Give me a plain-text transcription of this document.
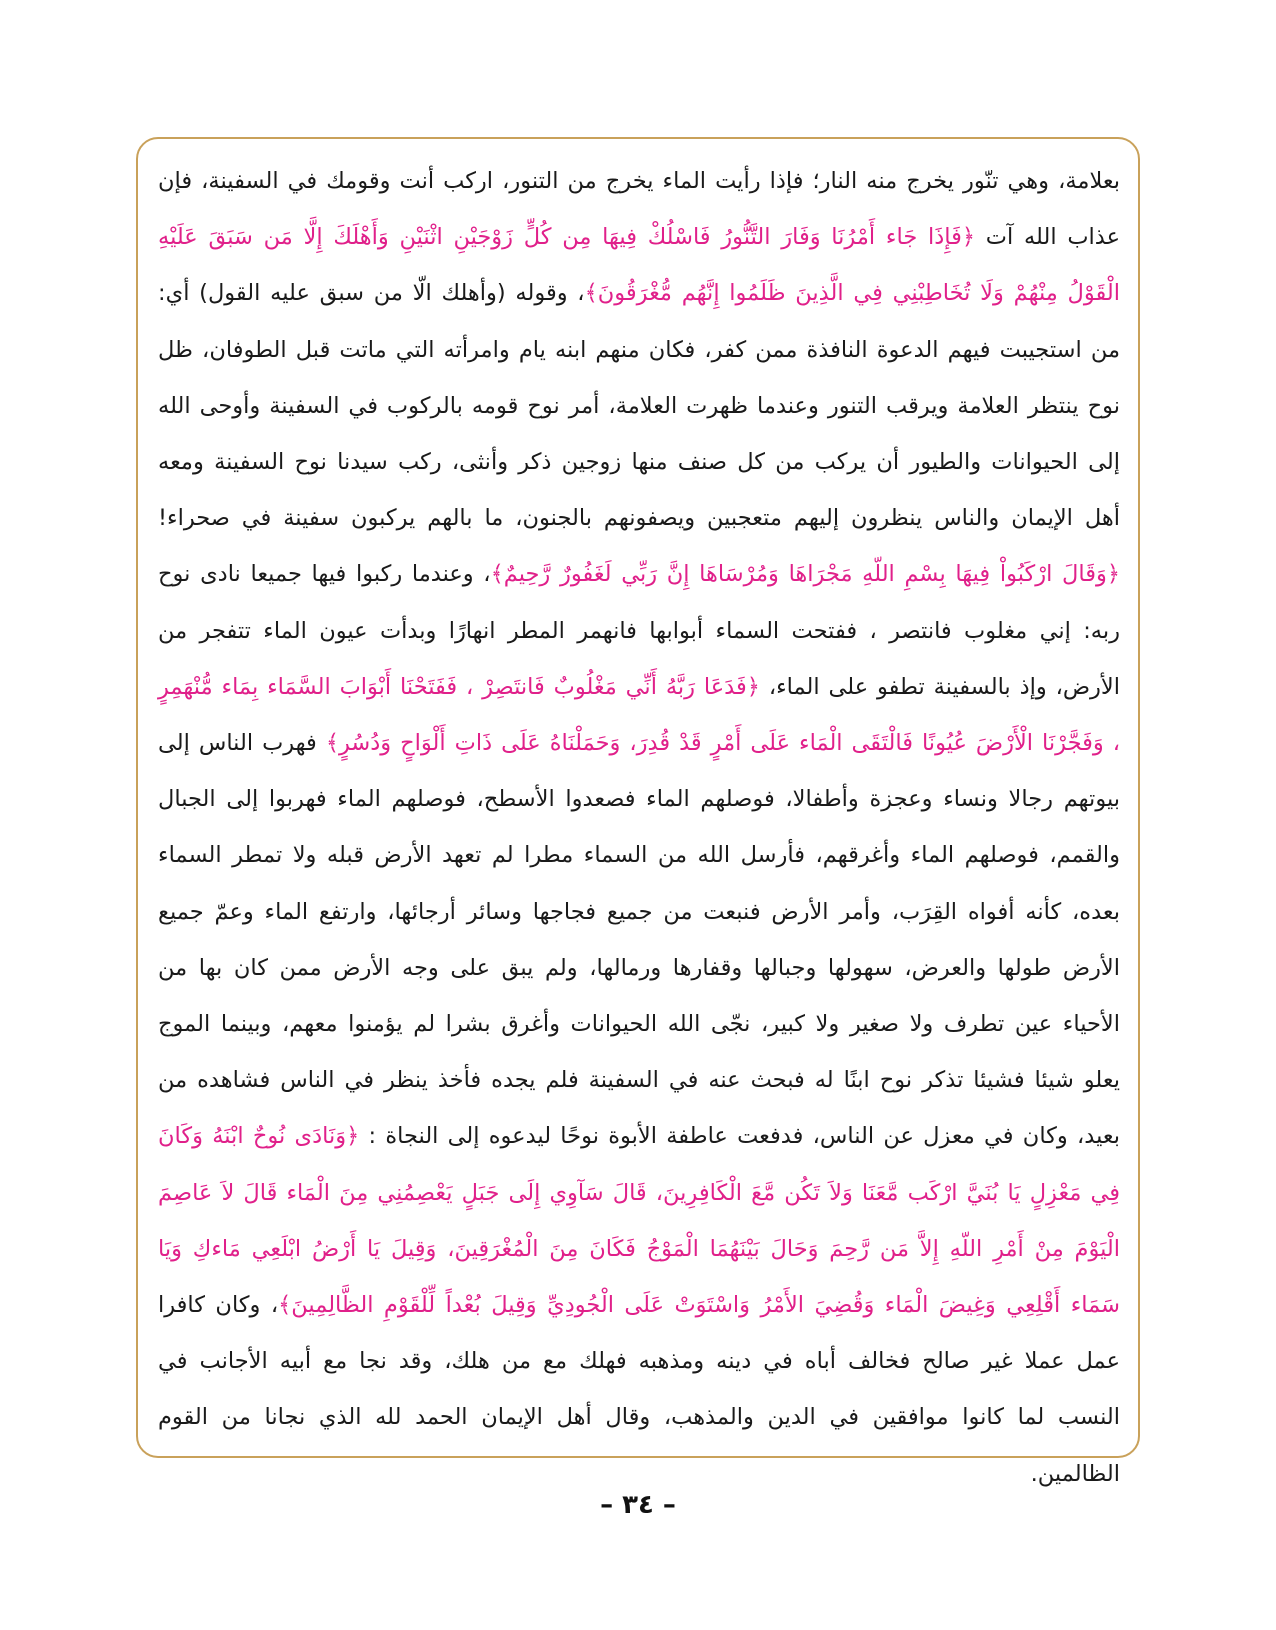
بعلامة، وهي تنّور يخرج منه النار؛ فإذا رأيت الماء يخرج من التنور، اركب أنت وقومك في السفينة، فإن عذاب الله آت ﴿فَإِذَا جَاء أَمْرُنَا وَفَارَ التَّنُّورُ فَاسْلُكْ فِيهَا مِن كُلٍّ زَوْجَيْنِ اثْنَيْنِ وَأَهْلَكَ إِلَّا مَن سَبَقَ عَلَيْهِ الْقَوْلُ مِنْهُمْ وَلَا تُخَاطِبْنِي فِي الَّذِينَ ظَلَمُوا إِنَّهُم مُّغْرَقُونَ﴾، وقوله (وأهلك الّا من سبق عليه القول) أي: من استجيبت فيهم الدعوة النافذة ممن كفر، فكان منهم ابنه يام وامرأته التي ماتت قبل الطوفان، ظل نوح ينتظر العلامة ويرقب التنور وعندما ظهرت العلامة، أمر نوح قومه بالركوب في السفينة وأوحى الله إلى الحيوانات والطيور أن يركب من كل صنف منها زوجين ذكر وأنثى، ركب سيدنا نوح السفينة ومعه أهل الإيمان والناس ينظرون إليهم متعجبين ويصفونهم بالجنون، ما بالهم يركبون سفينة في صحراء! ﴿وَقَالَ ارْكَبُواْ فِيهَا بِسْمِ اللّهِ مَجْرَاهَا وَمُرْسَاهَا إِنَّ رَبِّي لَغَفُورٌ رَّحِيمٌ﴾، وعندما ركبوا فيها جميعا نادى نوح ربه: إني مغلوب فانتصر ، ففتحت السماء أبوابها فانهمر المطر انهارًا وبدأت عيون الماء تتفجر من الأرض، وإذ بالسفينة تطفو على الماء، ﴿فَدَعَا رَبَّهُ أَنِّي مَغْلُوبٌ فَانتَصِرْ ، فَفَتَحْنَا أَبْوَابَ السَّمَاء بِمَاء مُّنْهَمِرٍ ، وَفَجَّرْنَا الْأَرْضَ عُيُونًا فَالْتَقَى الْمَاء عَلَى أَمْرٍ قَدْ قُدِرَ، وَحَمَلْنَاهُ عَلَى ذَاتِ أَلْوَاحٍ وَدُسُرٍ﴾ فهرب الناس إلى بيوتهم رجالا ونساء وعجزة وأطفالا، فوصلهم الماء فصعدوا الأسطح، فوصلهم الماء فهربوا إلى الجبال والقمم، فوصلهم الماء وأغرقهم، فأرسل الله من السماء مطرا لم تعهد الأرض قبله ولا تمطر السماء بعده، كأنه أفواه القِرَب، وأمر الأرض فنبعت من جميع فجاجها وسائر أرجائها، وارتفع الماء وعمّ جميع الأرض طولها والعرض، سهولها وجبالها وقفارها ورمالها، ولم يبق على وجه الأرض ممن كان بها من الأحياء عين تطرف ولا صغير ولا كبير، نجّى الله الحيوانات وأغرق بشرا لم يؤمنوا معهم، وبينما الموج يعلو شيئا فشيئا تذكر نوح ابنًا له فبحث عنه في السفينة فلم يجده فأخذ ينظر في الناس فشاهده من بعيد، وكان في معزل عن الناس، فدفعت عاطفة الأبوة نوحًا ليدعوه إلى النجاة : ﴿وَنَادَى نُوحٌ ابْنَهُ وَكَانَ فِي مَعْزِلٍ يَا بُنَيَّ ارْكَب مَّعَنَا وَلاَ تَكُن مَّعَ الْكَافِرِينَ، قَالَ سَآوِي إِلَى جَبَلٍ يَعْصِمُنِي مِنَ الْمَاء قَالَ لاَ عَاصِمَ الْيَوْمَ مِنْ أَمْرِ اللّهِ إِلاَّ مَن رَّحِمَ وَحَالَ بَيْنَهُمَا الْمَوْجُ فَكَانَ مِنَ الْمُغْرَقِينَ، وَقِيلَ يَا أَرْضُ ابْلَعِي مَاءكِ وَيَا سَمَاء أَقْلِعِي وَغِيضَ الْمَاء وَقُضِيَ الأَمْرُ وَاسْتَوَتْ عَلَى الْجُودِيِّ وَقِيلَ بُعْداً لِّلْقَوْمِ الظَّالِمِينَ﴾، وكان كافرا عمل عملا غير صالح فخالف أباه في دينه ومذهبه فهلك مع من هلك، وقد نجا مع أبيه الأجانب في النسب لما كانوا موافقين في الدين والمذهب، وقال أهل الإيمان الحمد لله الذي نجانا من القوم الظالمين.
– ٣٤ –
